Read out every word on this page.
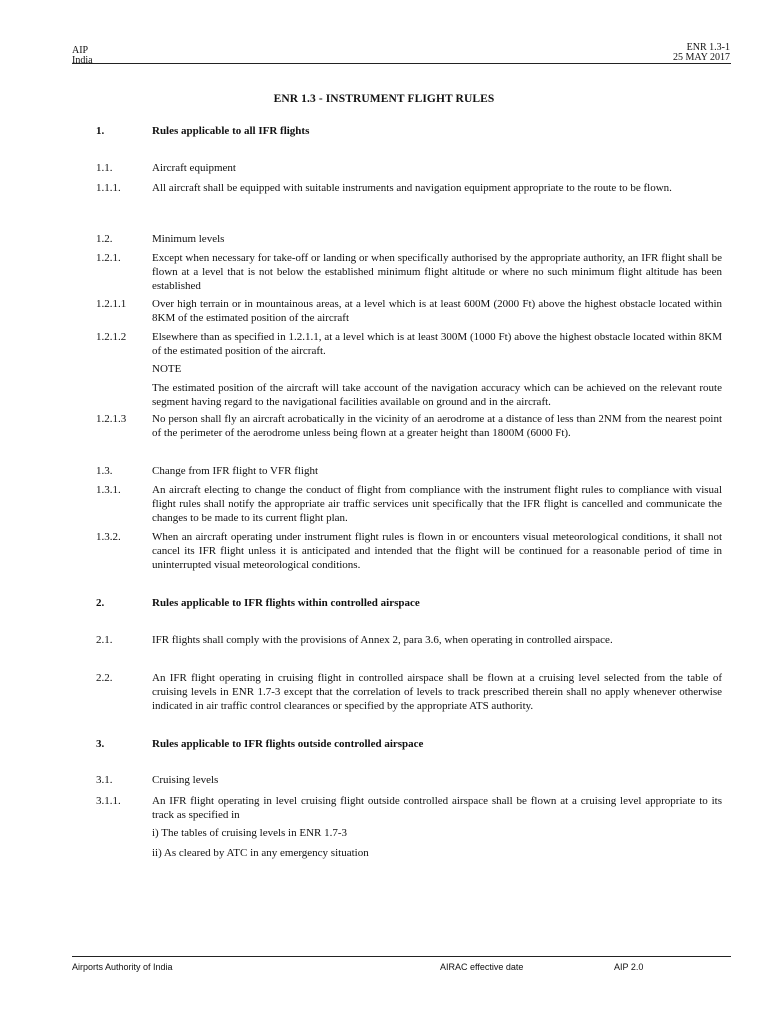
AIP
India
ENR 1.3-1
25 MAY 2017
ENR 1.3 - INSTRUMENT FLIGHT RULES
1.	Rules applicable to all IFR flights
1.1.	Aircraft equipment
1.1.1.	All aircraft shall be equipped with suitable instruments and navigation equipment appropriate to the route to be flown.
1.2.	Minimum levels
1.2.1.	Except when necessary for take-off or landing or when specifically authorised by the appropriate authority, an IFR flight shall be flown at a level that is not below the established minimum flight altitude or where no such minimum flight altitude has been established
1.2.1.1	Over high terrain or in mountainous areas, at a level which is at least 600M (2000 Ft) above the highest obstacle located within 8KM of the estimated position of the aircraft
1.2.1.2	Elsewhere than as specified in 1.2.1.1, at a level which is at least 300M (1000 Ft) above the highest obstacle located within 8KM of the estimated position of the aircraft.
NOTE
The estimated position of the aircraft will take account of the navigation accuracy which can be achieved on the relevant route segment having regard to the navigational facilities available on ground and in the aircraft.
1.2.1.3	No person shall fly an aircraft acrobatically in the vicinity of an aerodrome at a distance of less than 2NM from the nearest point of the perimeter of the aerodrome unless being flown at a greater height than 1800M (6000 Ft).
1.3.	Change from IFR flight to VFR flight
1.3.1.	An aircraft electing to change the conduct of flight from compliance with the instrument flight rules to compliance with visual flight rules shall notify the appropriate air traffic services unit specifically that the IFR flight is cancelled and communicate the changes to be made to its current flight plan.
1.3.2.	When an aircraft operating under instrument flight rules is flown in or encounters visual meteorological conditions, it shall not cancel its IFR flight unless it is anticipated and intended that the flight will be continued for a reasonable period of time in uninterrupted visual meteorological conditions.
2.	Rules applicable to IFR flights within controlled airspace
2.1.	IFR flights shall comply with the provisions of Annex 2, para 3.6, when operating in controlled airspace.
2.2.	An IFR flight operating in cruising flight in controlled airspace shall be flown at a cruising level selected from the table of cruising levels in ENR 1.7-3 except that the correlation of levels to track prescribed therein shall no apply whenever otherwise indicated in air traffic control clearances or specified by the appropriate ATS authority.
3.	Rules applicable to IFR flights outside controlled airspace
3.1.	Cruising levels
3.1.1.	An IFR flight operating in level cruising flight outside controlled airspace shall be flown at a cruising level appropriate to its track as specified in
i) The tables of cruising levels in ENR 1.7-3
ii) As cleared by ATC in any emergency situation
Airports Authority of India	AIRAC effective date	AIP 2.0
